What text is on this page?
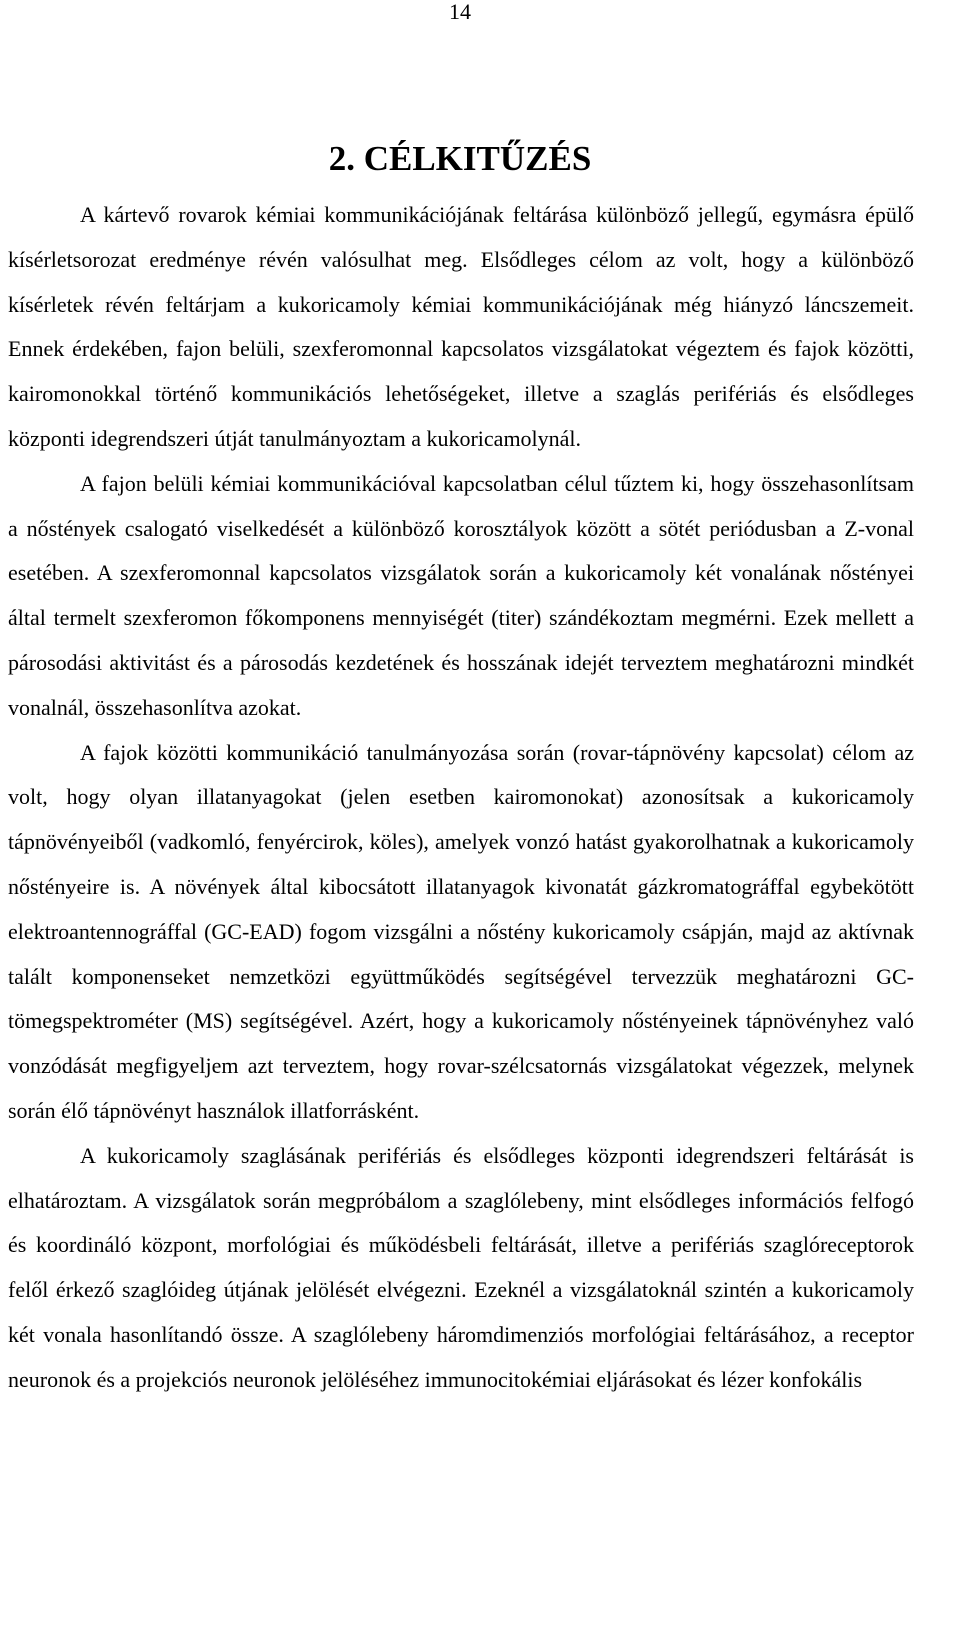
14
2. CÉLKITŰZÉS

A kártevő rovarok kémiai kommunikációjának feltárása különböző jellegű, egymásra épülő kísérletsorozat eredménye révén valósulhat meg. Elsődleges célom az volt, hogy a különböző kísérletek révén feltárjam a kukoricamoly kémiai kommunikációjának még hiányzó láncszemeit. Ennek érdekében, fajon belüli, szexferomonnal kapcsolatos vizsgálatokat végeztem és fajok közötti, kairomonokkal történő kommunikációs lehetőségeket, illetve a szaglás perifériás és elsődleges központi idegrendszeri útját tanulmányoztam a kukoricamolynál.

A fajon belüli kémiai kommunikációval kapcsolatban célul tűztem ki, hogy összehasonlítsam a nőstények csalogató viselkedését a különböző korosztályok között a sötét periódusban a Z-vonal esetében. A szexferomonnal kapcsolatos vizsgálatok során a kukoricamoly két vonalának nőstényei által termelt szexferomon főkomponens mennyiségét (titer) szándékoztam megmérni. Ezek mellett a párosodási aktivitást és a párosodás kezdetének és hosszának idejét terveztem meghatározni mindkét vonalnál, összehasonlítva azokat.

A fajok közötti kommunikáció tanulmányozása során (rovar-tápnövény kapcsolat) célom az volt, hogy olyan illatanyagokat (jelen esetben kairomonokat) azonosítsak a kukoricamoly tápnövényeiből (vadkomló, fenyércirok, köles), amelyek vonzó hatást gyakorolhatnak a kukoricamoly nőstényeire is. A növények által kibocsátott illatanyagok kivonatát gázkromatográffal egybekötött elektroantennográffal (GC-EAD) fogom vizsgálni a nőstény kukoricamoly csápján, majd az aktívnak talált komponenseket nemzetközi együttműködés segítségével tervezzük meghatározni GC-tömegspektrométer (MS) segítségével. Azért, hogy a kukoricamoly nőstényeinek tápnövényhez való vonzódását megfigyeljem azt terveztem, hogy rovar-szélcsatornás vizsgálatokat végezzek, melynek során élő tápnövényt használok illatforrásként.

A kukoricamoly szaglásának perifériás és elsődleges központi idegrendszeri feltárását is elhatároztam. A vizsgálatok során megpróbálom a szaglólebeny, mint elsődleges információs felfogó és koordináló központ, morfológiai és működésbeli feltárását, illetve a perifériás szaglóreceptorok felől érkező szaglóideg útjának jelölését elvégezni. Ezeknél a vizsgálatoknál szintén a kukoricamoly két vonala hasonlítandó össze. A szaglólebeny háromdimenziós morfológiai feltárásához, a receptor neuronok és a projekciós neuronok jelöléséhez immunocitokémiai eljárásokat és lézer konfokális
